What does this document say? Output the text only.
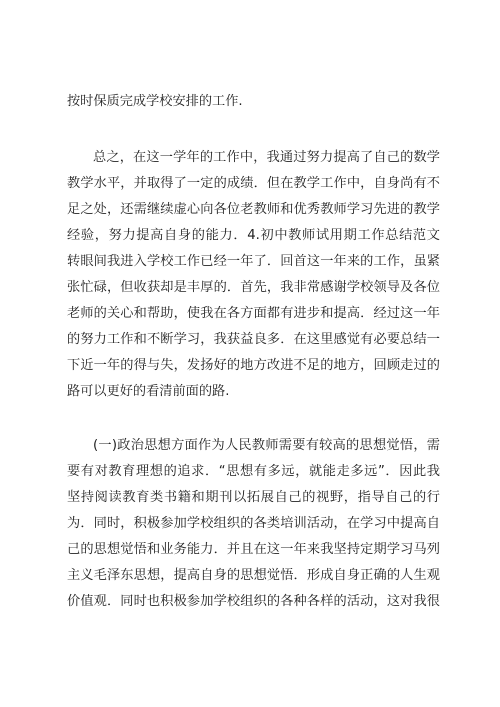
按时保质完成学校安排的工作.

总之，在这一学年的工作中，我通过努力提高了自己的数学

教学水平，并取得了一定的成绩．但在教学工作中，自身尚有不

足之处，还需继续虚心向各位老教师和优秀教师学习先进的教学

经验，努力提高自身的能力．4.初中教师试用期工作总结范文

转眼间我进入学校工作已经一年了．回首这一年来的工作，虽紧

张忙碌，但收获却是丰厚的．首先，我非常感谢学校领导及各位

老师的关心和帮助，使我在各方面都有进步和提高．经过这一年

的努力工作和不断学习，我获益良多．在这里感觉有必要总结一

下近一年的得与失，发扬好的地方改进不足的地方，回顾走过的

路可以更好的看清前面的路.

(一)政治思想方面作为人民教师需要有较高的思想觉悟，需

要有对教育理想的追求．“思想有多远，就能走多远”．因此我

坚持阅读教育类书籍和期刊以拓展自己的视野，指导自己的行

为．同时，积极参加学校组织的各类培训活动，在学习中提高自

己的思想觉悟和业务能力．并且在这一年来我坚持定期学习马列

主义毛泽东思想，提高自身的思想觉悟．形成自身正确的人生观

价值观．同时也积极参加学校组织的各种各样的活动，这对我很
